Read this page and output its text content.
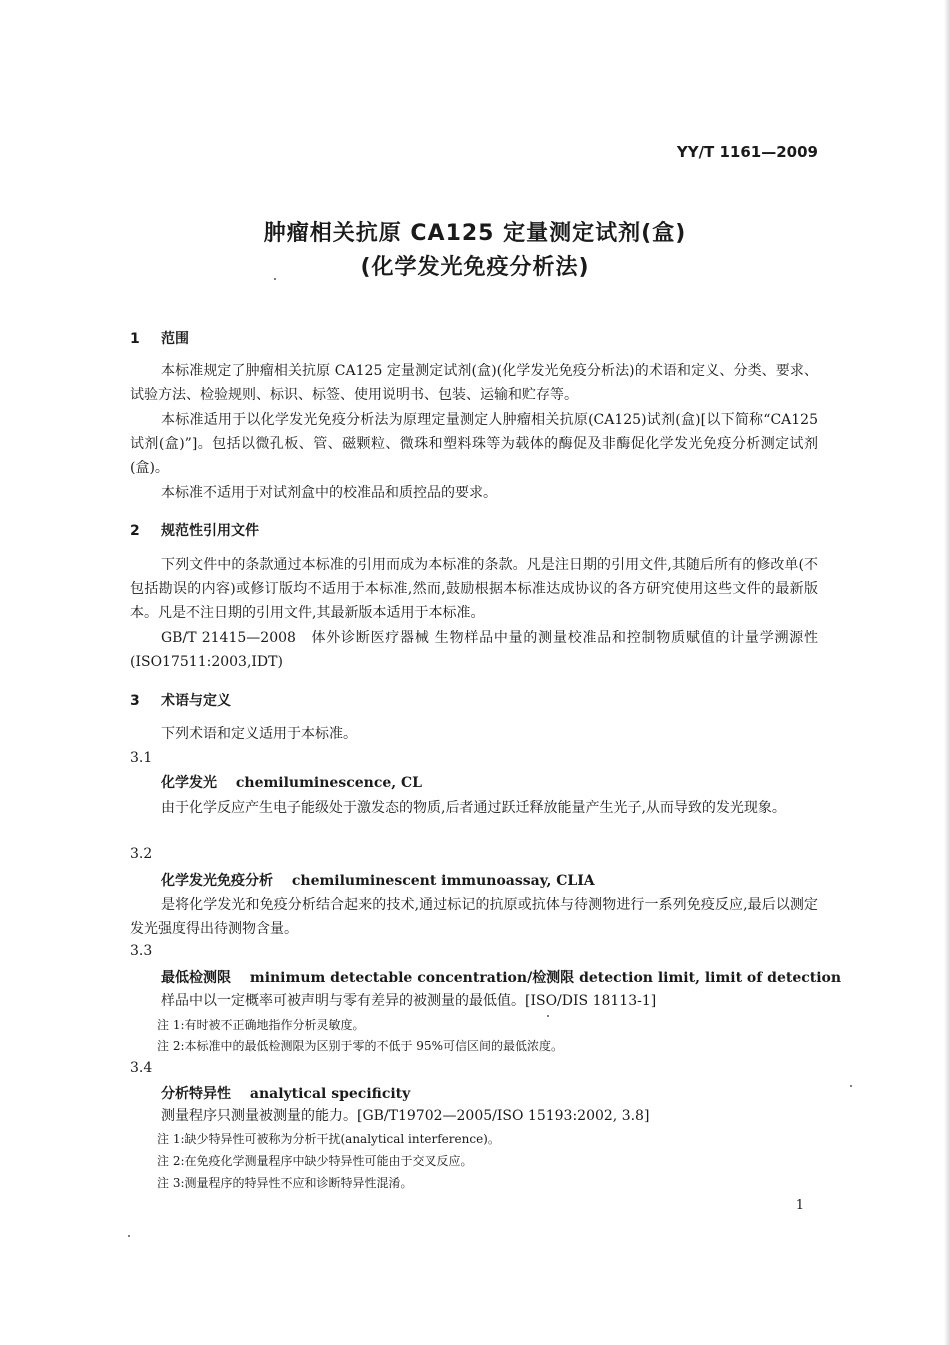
YY/T 1161—2009
肿瘤相关抗原 CA125 定量测定试剂(盒)
(化学发光免疫分析法)
1 范围
本标准规定了肿瘤相关抗原 CA125 定量测定试剂(盒)(化学发光免疫分析法)的术语和定义、分类、要求、试验方法、检验规则、标识、标签、使用说明书、包装、运输和贮存等。
本标准适用于以化学发光免疫分析法为原理定量测定人肿瘤相关抗原(CA125)试剂(盒)[以下简称“CA125 试剂(盒)”]。包括以微孔板、管、磁颗粒、微珠和塑料珠等为载体的酶促及非酶促化学发光免疫分析测定试剂(盒)。
本标准不适用于对试剂盒中的校准品和质控品的要求。
2 规范性引用文件
下列文件中的条款通过本标准的引用而成为本标准的条款。凡是注日期的引用文件,其随后所有的修改单(不包括勘误的内容)或修订版均不适用于本标准,然而,鼓励根据本标准达成协议的各方研究使用这些文件的最新版本。凡是不注日期的引用文件,其最新版本适用于本标准。
GB/T 21415—2008　体外诊断医疗器械 生物样品中量的测量校准品和控制物质赋值的计量学溯源性(ISO17511:2003,IDT)
3 术语与定义
下列术语和定义适用于本标准。
3.1
化学发光　 chemiluminescence, CL
由于化学反应产生电子能级处于激发态的物质,后者通过跃迁释放能量产生光子,从而导致的发光现象。
3.2
化学发光免疫分析　 chemiluminescent immunoassay, CLIA
是将化学发光和免疫分析结合起来的技术,通过标记的抗原或抗体与待测物进行一系列免疫反应,最后以测定发光强度得出待测物含量。
3.3
最低检测限　 minimum detectable concentration/检测限 detection limit, limit of detection
样品中以一定概率可被声明与零有差异的被测量的最低值。[ISO/DIS 18113-1]
注 1:有时被不正确地指作分析灵敏度。
注 2:本标准中的最低检测限为区别于零的不低于 95%可信区间的最低浓度。
3.4
分析特异性　 analytical specificity
测量程序只测量被测量的能力。[GB/T19702—2005/ISO 15193:2002, 3.8]
注 1:缺少特异性可被称为分析干扰(analytical interference)。
注 2:在免疫化学测量程序中缺少特异性可能由于交叉反应。
注 3:测量程序的特异性不应和诊断特异性混淆。
1
